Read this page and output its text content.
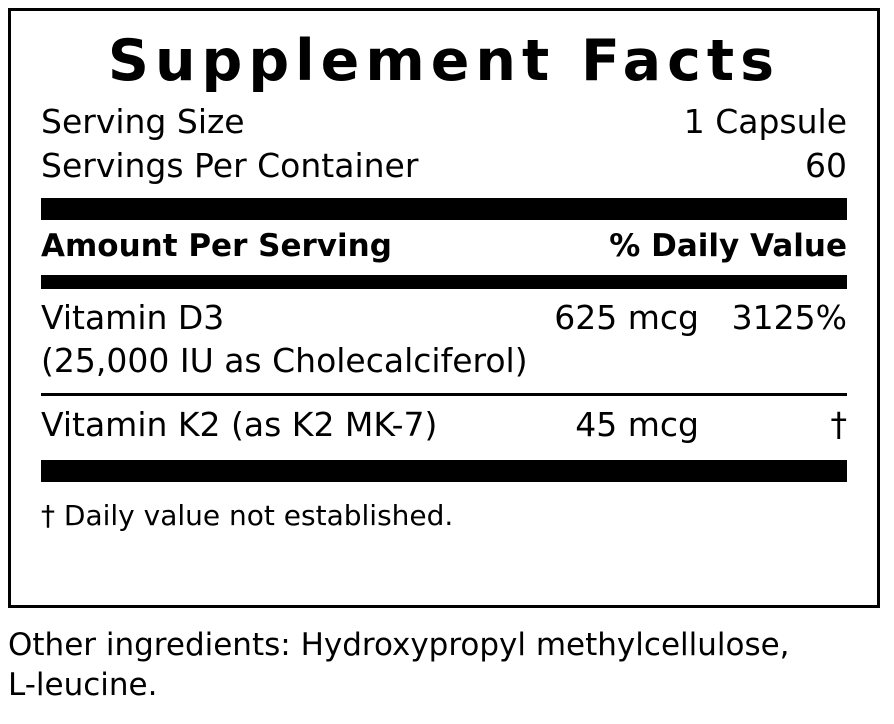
Supplement Facts
Serving Size	1 Capsule
Servings Per Container	60
Amount Per Serving	% Daily Value
Vitamin D3	625 mcg 3125%
(25,000 IU as Cholecalciferol)
Vitamin K2 (as K2 MK-7)	45 mcg	†
† Daily value not established.
Other ingredients: Hydroxypropyl methylcellulose,
L-leucine.
